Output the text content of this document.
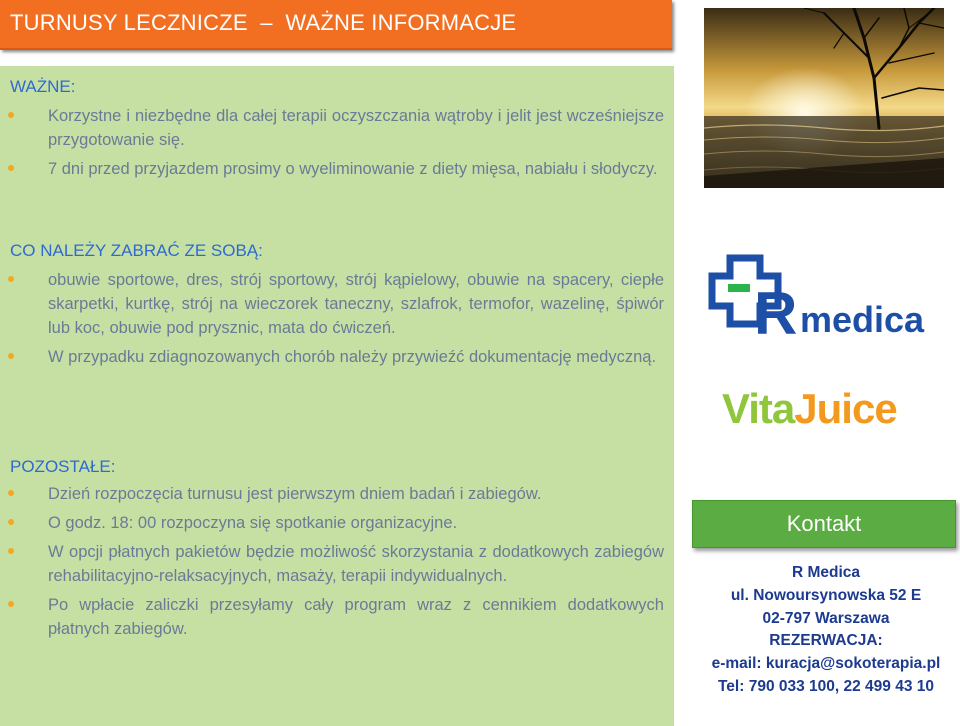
TURNUSY LECZNICZE  –  WAŻNE INFORMACJE
WAŻNE:
Korzystne i niezbędne dla całej terapii oczyszczania wątroby i jelit jest wcześniejsze przygotowanie się.
7 dni przed przyjazdem prosimy o wyeliminowanie z diety mięsa, nabiału i słodyczy.
CO NALEŻY ZABRAĆ ZE SOBĄ:
obuwie sportowe, dres, strój sportowy, strój kąpielowy, obuwie na spacery, ciepłe skarpetki, kurtkę, strój na wieczorek taneczny, szlafrok, termofor, wazelinę, śpiwór lub koc, obuwie pod prysznic, mata do ćwiczeń.
W przypadku zdiagnozowanych chorób należy przywieźć dokumentację medyczną.
POZOSTAŁE:
Dzień rozpoczęcia turnusu jest pierwszym dniem badań i zabiegów.
O godz. 18: 00 rozpoczyna się spotkanie organizacyjne.
W opcji płatnych pakietów będzie możliwość skorzystania z dodatkowych zabiegów rehabilitacyjno-relaksacyjnych, masaży, terapii indywidualnych.
Po wpłacie zaliczki przesyłamy cały program wraz z cennikiem dodatkowych płatnych zabiegów.
R medica
VitaJuice
Kontakt
R Medica
ul. Nowoursynowska 52 E
02-797 Warszawa
REZERWACJA:
e-mail: kuracja@sokoterapia.pl
Tel: 790 033 100, 22 499 43 10
